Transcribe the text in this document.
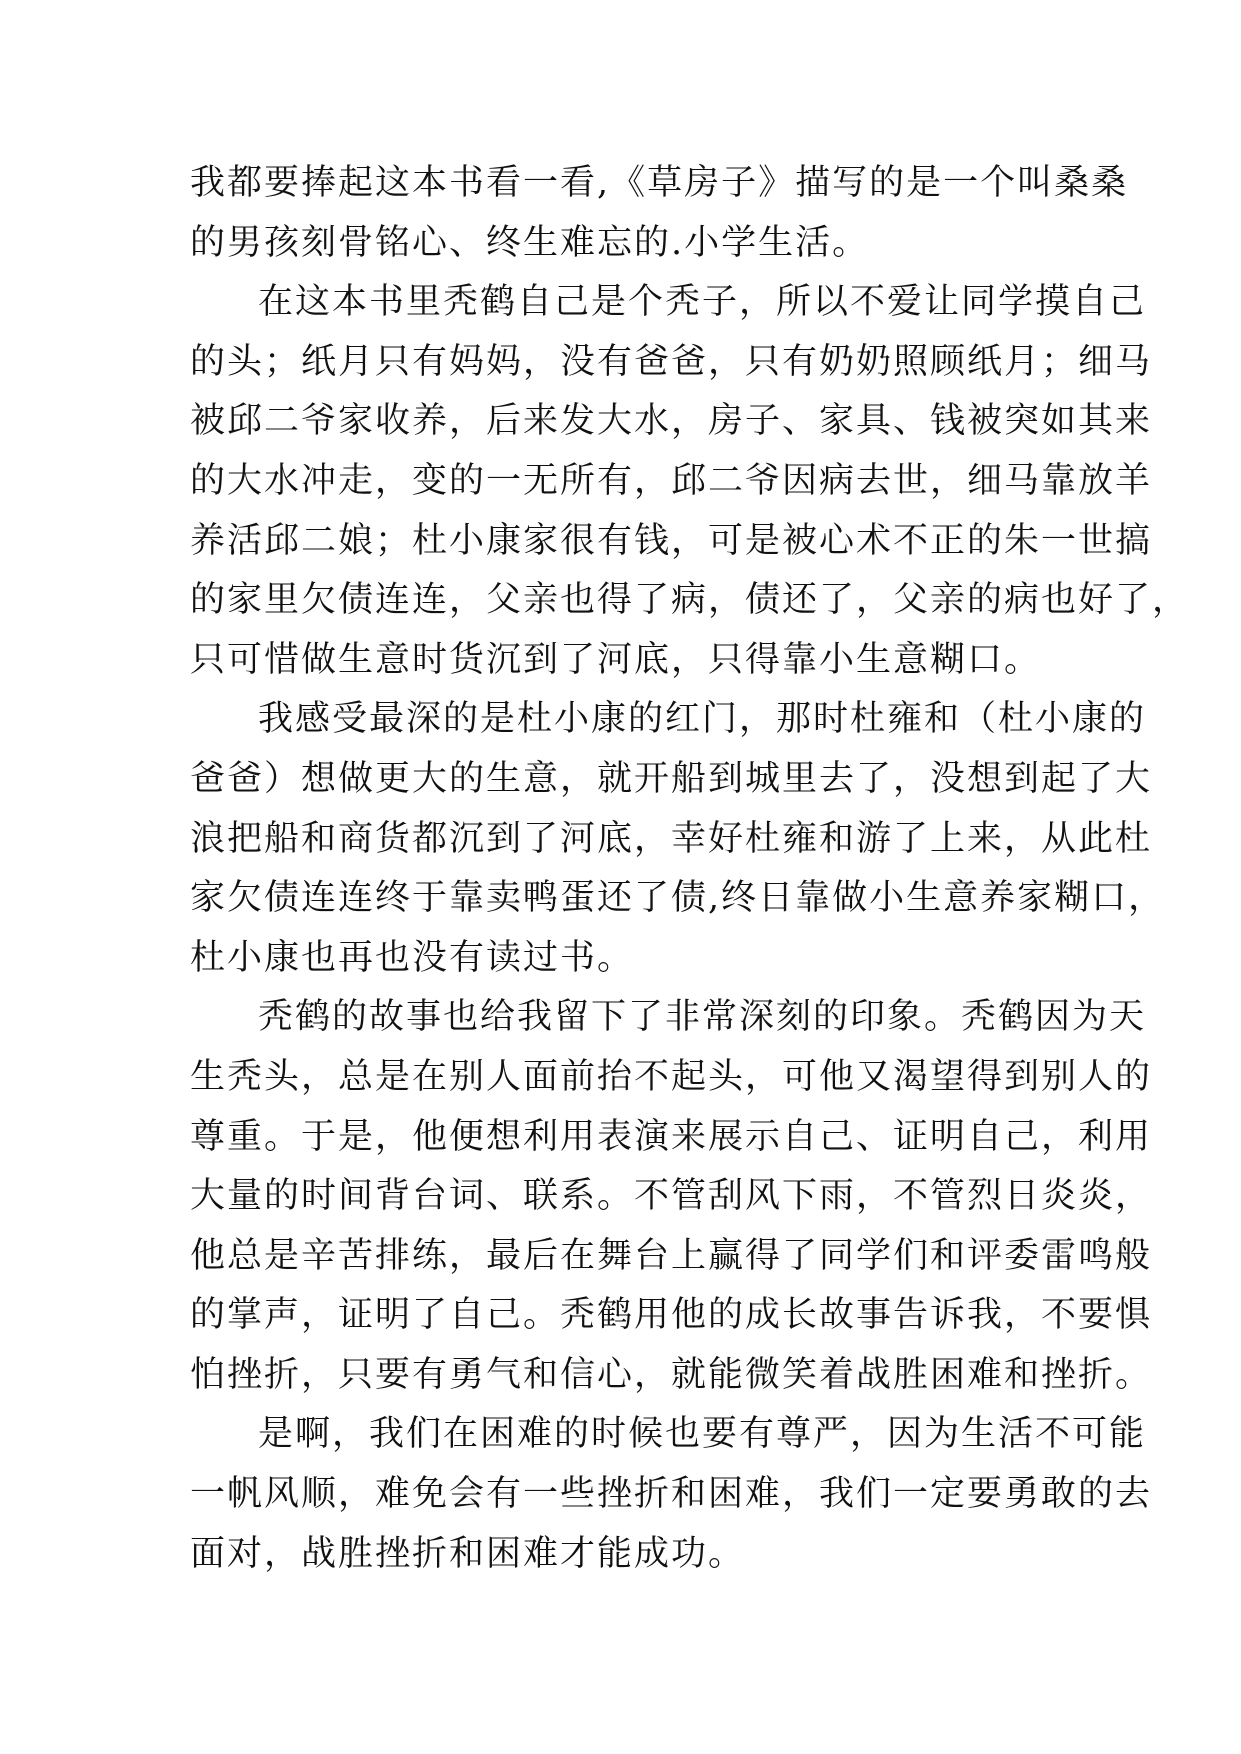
我都要捧起这本书看一看,《草房子》描写的是一个叫桑桑
的男孩刻骨铭心、终生难忘的.小学生活。
在这本书里秃鹤自己是个秃子，所以不爱让同学摸自己
的头；纸月只有妈妈，没有爸爸，只有奶奶照顾纸月；细马
被邱二爷家收养，后来发大水，房子、家具、钱被突如其来
的大水冲走，变的一无所有，邱二爷因病去世，细马靠放羊
养活邱二娘；杜小康家很有钱，可是被心术不正的朱一世搞
的家里欠债连连，父亲也得了病，债还了，父亲的病也好了，
只可惜做生意时货沉到了河底，只得靠小生意糊口。
我感受最深的是杜小康的红门，那时杜雍和（杜小康的
爸爸）想做更大的生意，就开船到城里去了，没想到起了大
浪把船和商货都沉到了河底，幸好杜雍和游了上来，从此杜
家欠债连连终于靠卖鸭蛋还了债,终日靠做小生意养家糊口，
杜小康也再也没有读过书。
秃鹤的故事也给我留下了非常深刻的印象。秃鹤因为天
生秃头，总是在别人面前抬不起头，可他又渴望得到别人的
尊重。于是，他便想利用表演来展示自己、证明自己，利用
大量的时间背台词、联系。不管刮风下雨，不管烈日炎炎，
他总是辛苦排练，最后在舞台上赢得了同学们和评委雷鸣般
的掌声，证明了自己。秃鹤用他的成长故事告诉我，不要惧
怕挫折，只要有勇气和信心，就能微笑着战胜困难和挫折。
是啊，我们在困难的时候也要有尊严，因为生活不可能
一帆风顺，难免会有一些挫折和困难，我们一定要勇敢的去
面对，战胜挫折和困难才能成功。
